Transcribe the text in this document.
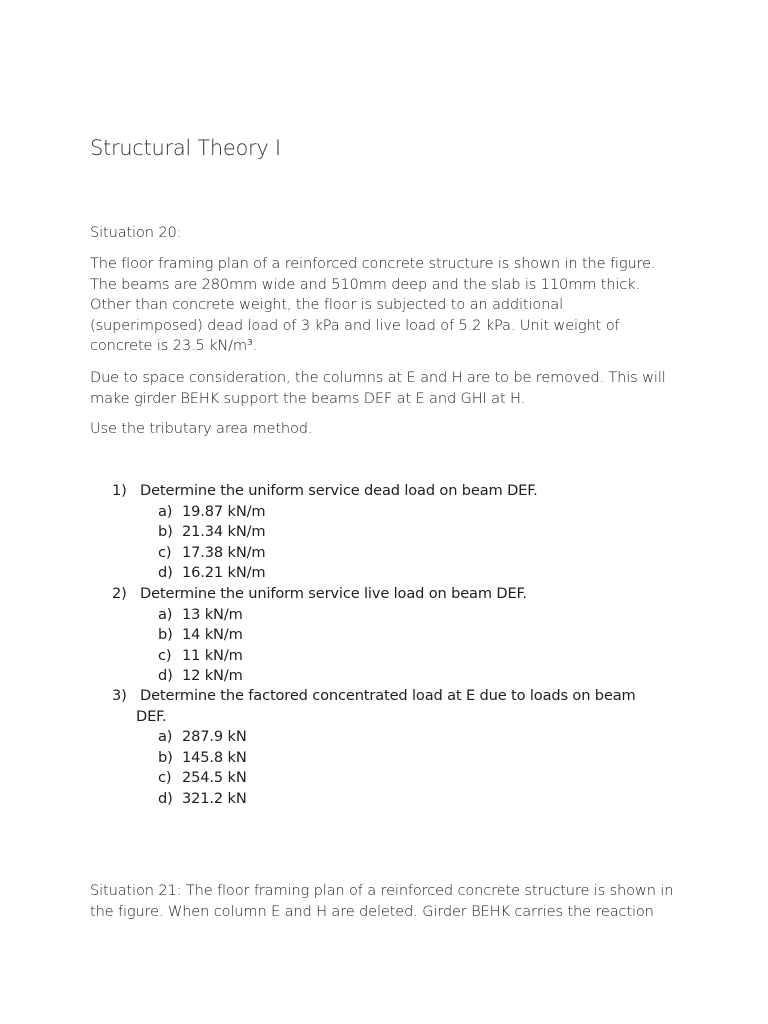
Structural Theory I

Situation 20:

The floor framing plan of a reinforced concrete structure is shown in the figure.

The beams are 280mm wide and 510mm deep and the slab is 110mm thick.

Other than concrete weight, the floor is subjected to an additional

(superimposed) dead load of 3 kPa and live load of 5.2 kPa. Unit weight of

concrete is 23.5 kN/m³.

Due to space consideration, the columns at E and H are to be removed. This will

make girder BEHK support the beams DEF at E and GHI at H.

Use the tributary area method.

1) Determine the uniform service dead load on beam DEF.
a) 19.87 kN/m
b) 21.34 kN/m
c) 17.38 kN/m
d) 16.21 kN/m
2) Determine the uniform service live load on beam DEF.
a) 13 kN/m
b) 14 kN/m
c) 11 kN/m
d) 12 kN/m
3) Determine the factored concentrated load at E due to loads on beam
DEF.
a) 287.9 kN
b) 145.8 kN
c) 254.5 kN
d) 321.2 kN

Situation 21: The floor framing plan of a reinforced concrete structure is shown in

the figure. When column E and H are deleted. Girder BEHK carries the reaction
